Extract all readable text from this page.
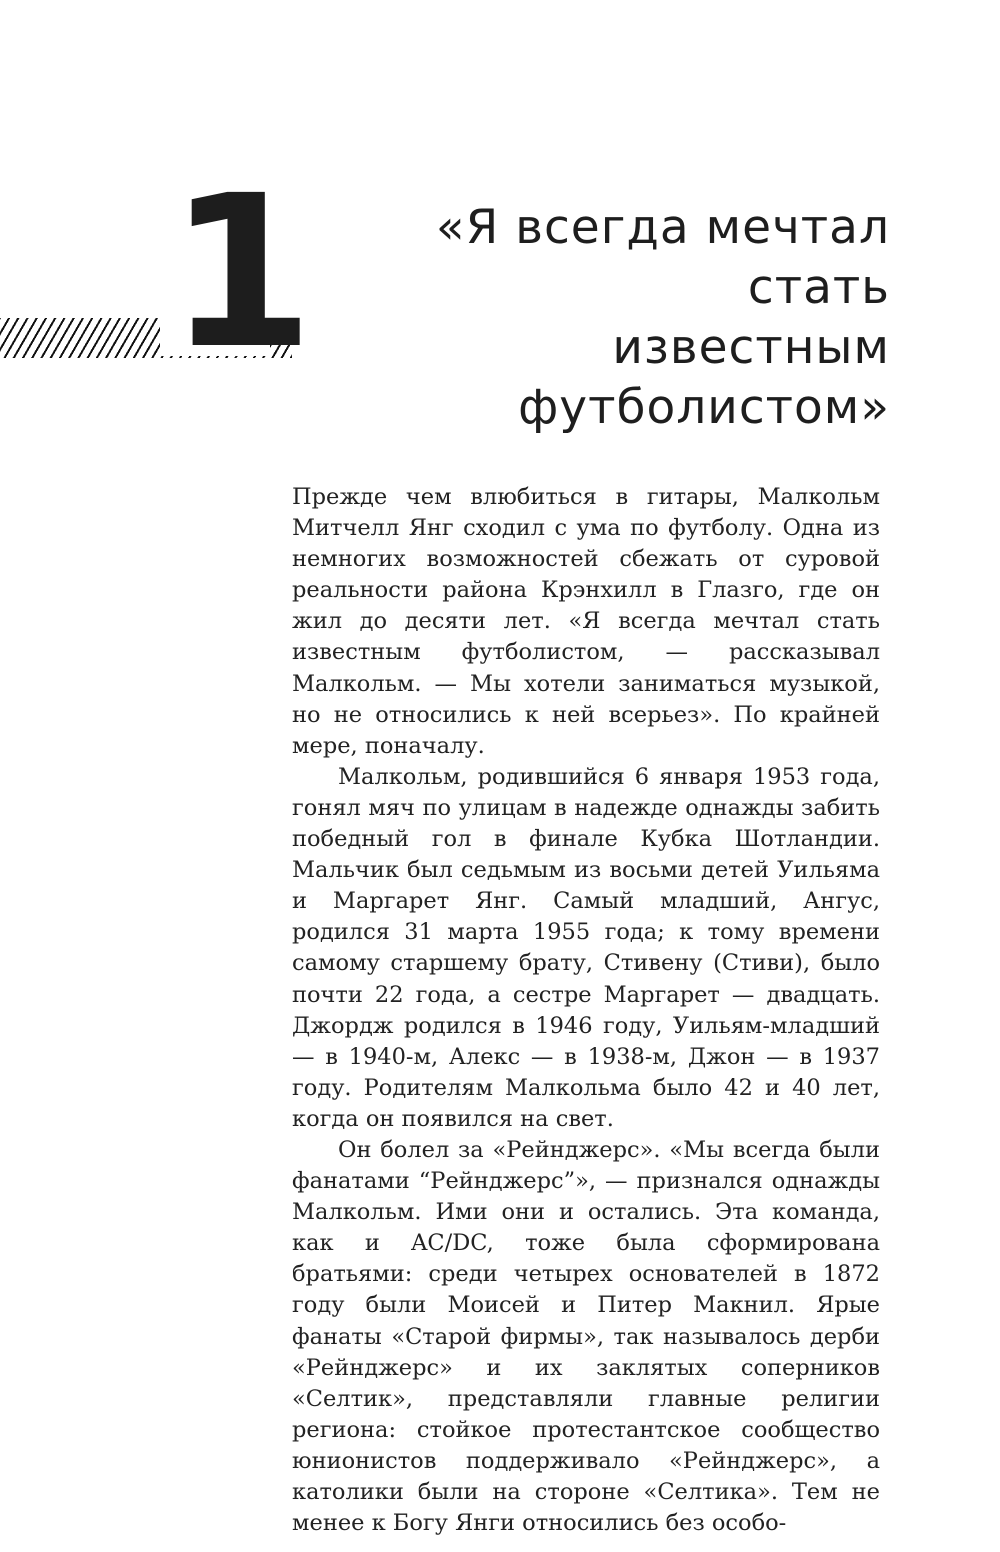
1	«Я всегда мечтал стать
известным футболистом»

Прежде чем влюбиться в гитары, Малкольм Митчелл Янг сходил с ума по футболу. Одна из немногих возможностей сбежать от суровой реальности района Крэнхилл в Глазго, где он жил до десяти лет. «Я всегда мечтал стать известным футболистом, — рассказывал Малкольм. — Мы хотели заниматься музыкой, но не относились к ней всерьез». По крайней мере, поначалу.

Малкольм, родившийся 6 января 1953 года, гонял мяч по улицам в надежде однажды забить победный гол в финале Кубка Шотландии. Мальчик был седьмым из восьми детей Уильяма и Маргарет Янг. Самый младший, Ангус, родился 31 марта 1955 года; к тому времени самому старшему брату, Стивену (Стиви), было почти 22 года, а сестре Маргарет — двадцать. Джордж родился в 1946 году, Уильям-младший — в 1940-м, Алекс — в 1938-м, Джон — в 1937 году. Родителям Малкольма было 42 и 40 лет, когда он появился на свет.

Он болел за «Рейнджерс». «Мы всегда были фанатами “Рейнджерс”», — признался однажды Малкольм. Ими они и остались. Эта команда, как и AC/DC, тоже была сформирована братьями: среди четырех основателей в 1872 году были Моисей и Питер Макнил. Ярые фанаты «Старой фирмы», так называлось дерби «Рейнджерс» и их заклятых соперников «Селтик», представляли главные религии региона: стойкое протестантское сообщество юнионистов поддерживало «Рейнджерс», а католики были на стороне «Селтика». Тем не менее к Богу Янги относились без особо-
